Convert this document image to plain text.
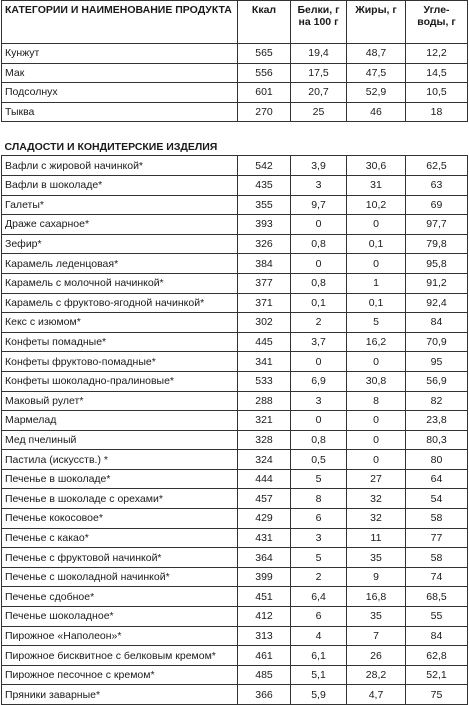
КАТЕГОРИИ И НАИМЕНОВАНИЕ ПРОДУКТА	Ккал	Белки, г на 100 г	Жиры, г	Угле-воды, г
Кунжут	565	19,4	48,7	12,2
Мак	556	17,5	47,5	14,5
Подсолнух	601	20,7	52,9	10,5
Тыква	270	25	46	18
СЛАДОСТИ И КОНДИТЕРСКИЕ ИЗДЕЛИЯ				
Вафли с жировой начинкой*	542	3,9	30,6	62,5
Вафли в шоколаде*	435	3	31	63
Галеты*	355	9,7	10,2	69
Драже сахарное*	393	0	0	97,7
Зефир*	326	0,8	0,1	79,8
Карамель леденцовая*	384	0	0	95,8
Карамель с молочной начинкой*	377	0,8	1	91,2
Карамель с фруктово-ягодной начинкой*	371	0,1	0,1	92,4
Кекс с изюмом*	302	2	5	84
Конфеты помадные*	445	3,7	16,2	70,9
Конфеты фруктово-помадные*	341	0	0	95
Конфеты шоколадно-пралиновые*	533	6,9	30,8	56,9
Маковый рулет*	288	3	8	82
Мармелад	321	0	0	23,8
Мед пчелиный	328	0,8	0	80,3
Пастила (искусств.) *	324	0,5	0	80
Печенье в шоколаде*	444	5	27	64
Печенье в шоколаде с орехами*	457	8	32	54
Печенье кокосовое*	429	6	32	58
Печенье с какао*	431	3	11	77
Печенье с фруктовой начинкой*	364	5	35	58
Печенье с шоколадной начинкой*	399	2	9	74
Печенье сдобное*	451	6,4	16,8	68,5
Печенье шоколадное*	412	6	35	55
Пирожное «Наполеон»*	313	4	7	84
Пирожное бисквитное с белковым кремом*	461	6,1	26	62,8
Пирожное песочное с кремом*	485	5,1	28,2	52,1
Пряники заварные*	366	5,9	4,7	75
